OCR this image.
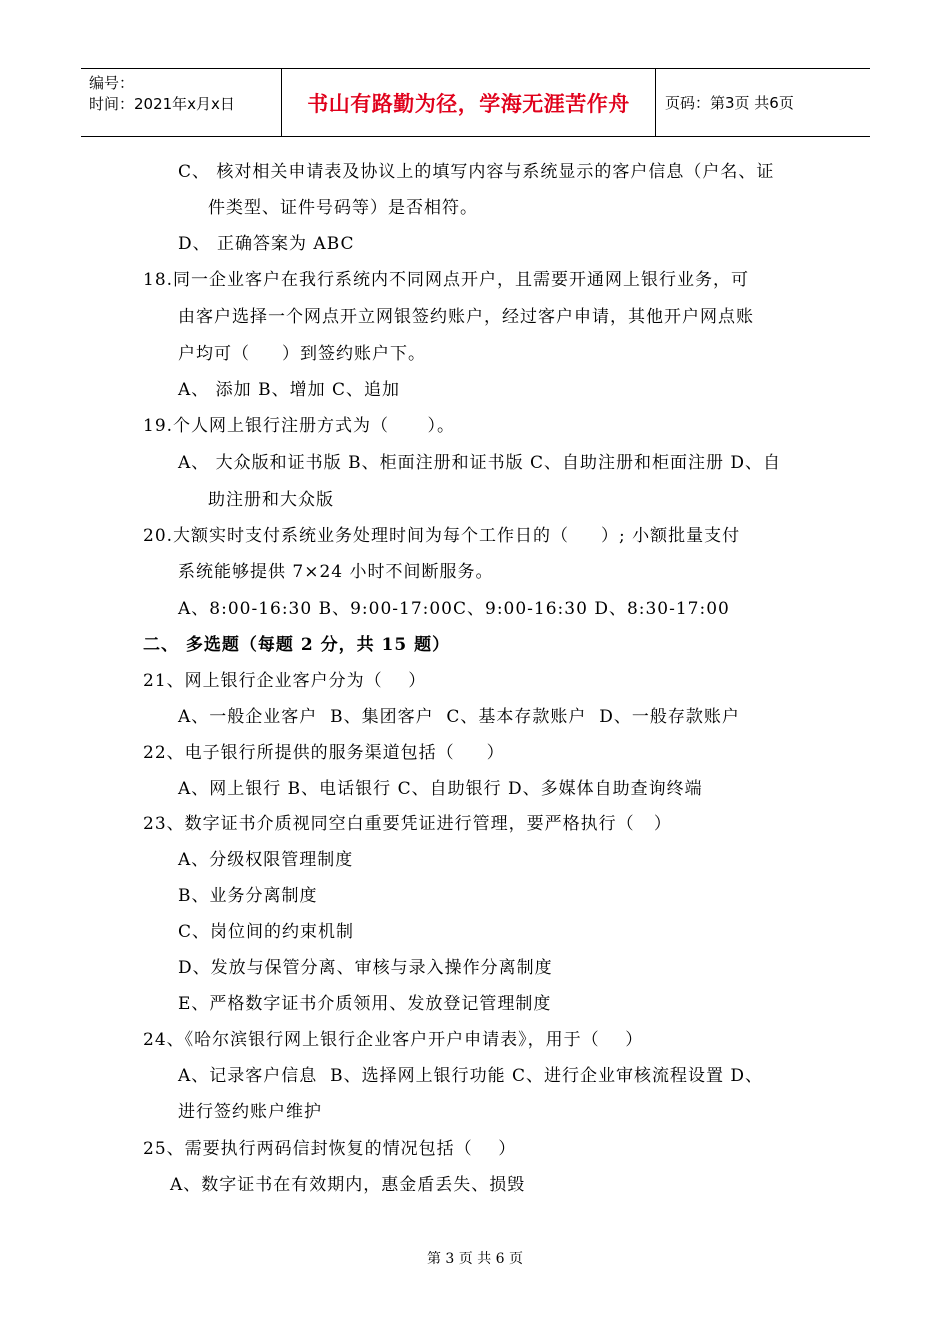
编号：
时间：2021年x月x日	书山有路勤为径，学海无涯苦作舟	页码：第3页 共6页
C、 核对相关申请表及协议上的填写内容与系统显示的客户信息（户名、证
件类型、证件号码等）是否相符。
D、 正确答案为 ABC
18.同一企业客户在我行系统内不同网点开户，且需要开通网上银行业务，可
由客户选择一个网点开立网银签约账户，经过客户申请，其他开户网点账
户均可（     ）到签约账户下。
A、 添加 B、增加 C、追加
19.个人网上银行注册方式为（      ）。
A、 大众版和证书版 B、柜面注册和证书版 C、自助注册和柜面注册 D、自
助注册和大众版
20.大额实时支付系统业务处理时间为每个工作日的（     ）; 小额批量支付
系统能够提供 7×24 小时不间断服务。
A、8:00-16:30 B、9:00-17:00C、9:00-16:30 D、8:30-17:00
二、 多选题（每题 2 分，共 15 题）
21、网上银行企业客户分为（    ）
A、一般企业客户  B、集团客户  C、基本存款账户  D、一般存款账户
22、电子银行所提供的服务渠道包括（     ）
A、网上银行 B、电话银行 C、自助银行 D、多媒体自助查询终端
23、数字证书介质视同空白重要凭证进行管理，要严格执行（   ）
A、分级权限管理制度
B、业务分离制度
C、岗位间的约束机制
D、发放与保管分离、审核与录入操作分离制度
E、严格数字证书介质领用、发放登记管理制度
24、《哈尔滨银行网上银行企业客户开户申请表》，用于（    ）
A、记录客户信息  B、选择网上银行功能 C、进行企业审核流程设置 D、
进行签约账户维护
25、需要执行两码信封恢复的情况包括（    ）
A、数字证书在有效期内，惠金盾丢失、损毁
第 3 页 共 6 页
